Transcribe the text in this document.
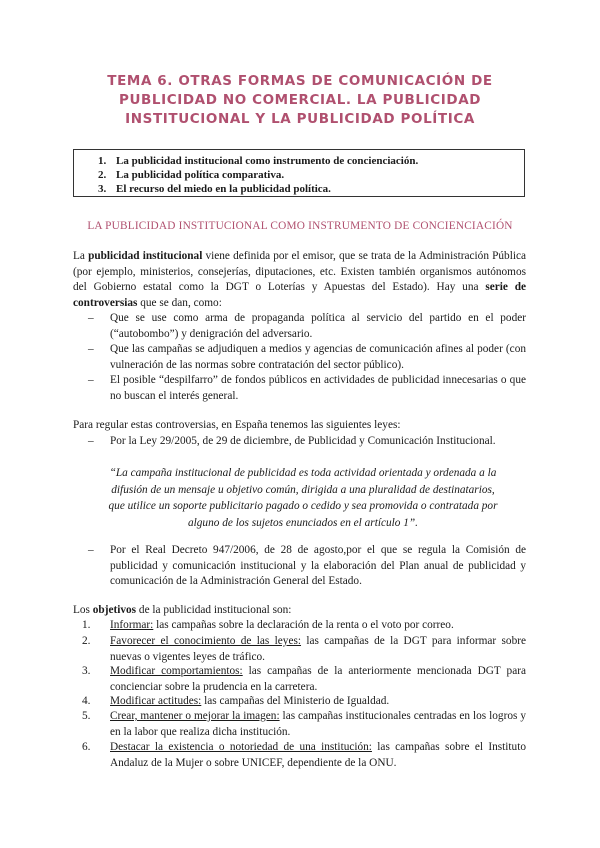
TEMA 6. OTRAS FORMAS DE COMUNICACIÓN DE PUBLICIDAD NO COMERCIAL. LA PUBLICIDAD INSTITUCIONAL Y LA PUBLICIDAD POLÍTICA
1. La publicidad institucional como instrumento de concienciación.
2. La publicidad política comparativa.
3. El recurso del miedo en la publicidad política.
LA PUBLICIDAD INSTITUCIONAL COMO INSTRUMENTO DE CONCIENCIACIÓN
La publicidad institucional viene definida por el emisor, que se trata de la Administración Pública (por ejemplo, ministerios, consejerías, diputaciones, etc. Existen también organismos autónomos del Gobierno estatal como la DGT o Loterías y Apuestas del Estado). Hay una serie de controversias que se dan, como:
– Que se use como arma de propaganda política al servicio del partido en el poder (“autobombo”) y denigración del adversario.
– Que las campañas se adjudiquen a medios y agencias de comunicación afines al poder (con vulneración de las normas sobre contratación del sector público).
– El posible “despilfarro” de fondos públicos en actividades de publicidad innecesarias o que no buscan el interés general.
Para regular estas controversias, en España tenemos las siguientes leyes:
– Por la Ley 29/2005, de 29 de diciembre, de Publicidad y Comunicación Institucional.
“La campaña institucional de publicidad es toda actividad orientada y ordenada a la difusión de un mensaje u objetivo común, dirigida a una pluralidad de destinatarios, que utilice un soporte publicitario pagado o cedido y sea promovida o contratada por alguno de los sujetos enunciados en el artículo 1”.
– Por el Real Decreto 947/2006, de 28 de agosto,por el que se regula la Comisión de publicidad y comunicación institucional y la elaboración del Plan anual de publicidad y comunicación de la Administración General del Estado.
Los objetivos de la publicidad institucional son:
1. Informar: las campañas sobre la declaración de la renta o el voto por correo.
2. Favorecer el conocimiento de las leyes: las campañas de la DGT para informar sobre nuevas o vigentes leyes de tráfico.
3. Modificar comportamientos: las campañas de la anteriormente mencionada DGT para concienciar sobre la prudencia en la carretera.
4. Modificar actitudes: las campañas del Ministerio de Igualdad.
5. Crear, mantener o mejorar la imagen: las campañas institucionales centradas en los logros y en la labor que realiza dicha institución.
6. Destacar la existencia o notoriedad de una institución: las campañas sobre el Instituto Andaluz de la Mujer o sobre UNICEF, dependiente de la ONU.
